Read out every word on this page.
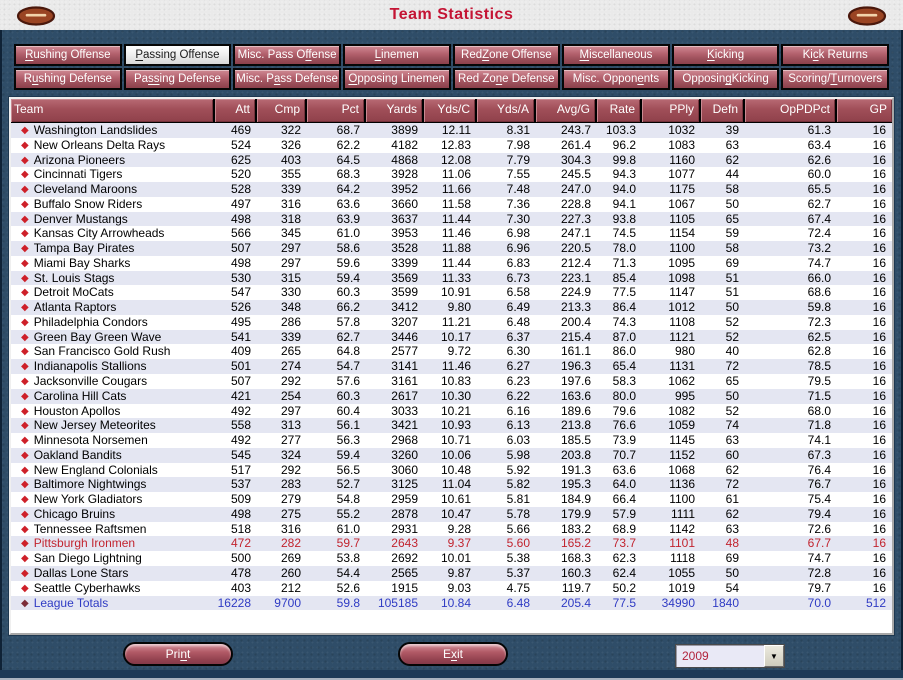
Team Statistics
R ushing Offense P assing Offense Misc. Pass O ff ense	L inemen	Red Z one Offense M iscellaneous	K icking	Ki c k Returns
R u shing Defense Pa ss ing Defense Misc. P a ss Defense O pposing Linemen Red Zo n e Defense Misc. Oppon e nts Opposin g Kicking Scoring/ T urnovers
Team	Att	Cmp	Pct	Yards	Yds/C	Yds/A	Avg/G	Rate	PPly	Defn	OpPDPct	GP
◆ Washington Landslides	469	322	68.7	3899	12.11	8.31	243.7	103.3	1032	39	61.3	16
◆ New Orleans Delta Rays	524	326	62.2	4182	12.83	7.98	261.4	96.2	1083	63	63.4	16
◆ Arizona Pioneers	625	403	64.5	4868	12.08	7.79	304.3	99.8	1160	62	62.6	16
◆ Cincinnati Tigers	520	355	68.3	3928	11.06	7.55	245.5	94.3	1077	44	60.0	16
◆ Cleveland Maroons	528	339	64.2	3952	11.66	7.48	247.0	94.0	1175	58	65.5	16
◆ Buffalo Snow Riders	497	316	63.6	3660	11.58	7.36	228.8	94.1	1067	50	62.7	16
◆ Denver Mustangs	498	318	63.9	3637	11.44	7.30	227.3	93.8	1105	65	67.4	16
◆ Kansas City Arrowheads	566	345	61.0	3953	11.46	6.98	247.1	74.5	1154	59	72.4	16
◆ Tampa Bay Pirates	507	297	58.6	3528	11.88	6.96	220.5	78.0	1100	58	73.2	16
◆ Miami Bay Sharks	498	297	59.6	3399	11.44	6.83	212.4	71.3	1095	69	74.7	16
◆ St. Louis Stags	530	315	59.4	3569	11.33	6.73	223.1	85.4	1098	51	66.0	16
◆ Detroit MoCats	547	330	60.3	3599	10.91	6.58	224.9	77.5	1147	51	68.6	16
◆ Atlanta Raptors	526	348	66.2	3412	9.80	6.49	213.3	86.4	1012	50	59.8	16
◆ Philadelphia Condors	495	286	57.8	3207	11.21	6.48	200.4	74.3	1108	52	72.3	16
◆ Green Bay Green Wave	541	339	62.7	3446	10.17	6.37	215.4	87.0	1121	52	62.5	16
◆ San Francisco Gold Rush	409	265	64.8	2577	9.72	6.30	161.1	86.0	980	40	62.8	16
◆ Indianapolis Stallions	501	274	54.7	3141	11.46	6.27	196.3	65.4	1131	72	78.5	16
◆ Jacksonville Cougars	507	292	57.6	3161	10.83	6.23	197.6	58.3	1062	65	79.5	16
◆ Carolina Hill Cats	421	254	60.3	2617	10.30	6.22	163.6	80.0	995	50	71.5	16
◆ Houston Apollos	492	297	60.4	3033	10.21	6.16	189.6	79.6	1082	52	68.0	16
◆ New Jersey Meteorites	558	313	56.1	3421	10.93	6.13	213.8	76.6	1059	74	71.8	16
◆ Minnesota Norsemen	492	277	56.3	2968	10.71	6.03	185.5	73.9	1145	63	74.1	16
◆ Oakland Bandits	545	324	59.4	3260	10.06	5.98	203.8	70.7	1152	60	67.3	16
◆ New England Colonials	517	292	56.5	3060	10.48	5.92	191.3	63.6	1068	62	76.4	16
◆ Baltimore Nightwings	537	283	52.7	3125	11.04	5.82	195.3	64.0	1136	72	76.7	16
◆ New York Gladiators	509	279	54.8	2959	10.61	5.81	184.9	66.4	1100	61	75.4	16
◆ Chicago Bruins	498	275	55.2	2878	10.47	5.78	179.9	57.9	1111	62	79.4	16
◆ Tennessee Raftsmen	518	316	61.0	2931	9.28	5.66	183.2	68.9	1142	63	72.6	16
◆ Pittsburgh Ironmen	472	282	59.7	2643	9.37	5.60	165.2	73.7	1101	48	67.7	16
◆ San Diego Lightning	500	269	53.8	2692	10.01	5.38	168.3	62.3	1118	69	74.7	16
◆ Dallas Lone Stars	478	260	54.4	2565	9.87	5.37	160.3	62.4	1055	50	72.8	16
◆ Seattle Cyberhawks	403	212	52.6	1915	9.03	4.75	119.7	50.2	1019	54	79.7	16
◆ League Totals	16228	9700	59.8	105185	10.84	6.48	205.4	77.5	34990	1840	70.0	512
Pri n t	E x it	2009	▼
